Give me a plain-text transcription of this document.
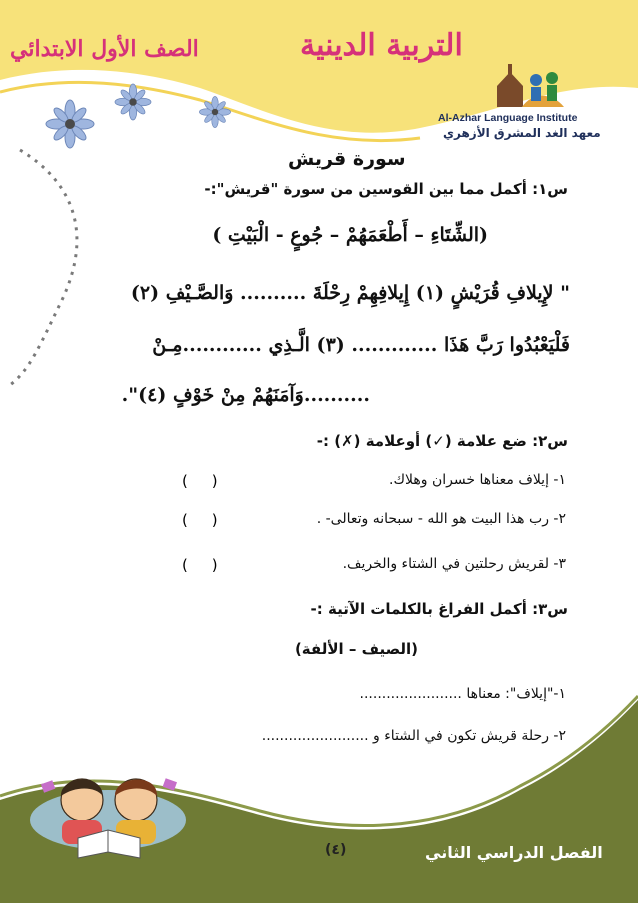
التربية الدينية
الصف الأول الابتدائي
Al-Azhar Language Institute
معهد الغد المشرق الأزهري
سورة قريش
س١: أكمل مما بين القوسين من سورة "قريش":-
(الشِّتَاءِ – أَطْعَمَهُمْ – جُوعٍ - الْبَيْتِ )
" لإِيلافِ قُرَيْشٍ (١) إِيلافِهِمْ رِحْلَةَ .......... وَالصَّـيْفِ (٢)
فَلْيَعْبُدُوا رَبَّ هَذَا ............. (٣) الَّـذِي ............مِـنْ
..........وَآمَنَهُمْ مِنْ خَوْفٍ (٤)".
س٢: ضع علامة (✓) أوعلامة (✗) :-
١- إيلاف معناها خسران وهلاك.
(     )
٢- رب هذا البيت هو الله - سبحانه وتعالى- .
(     )
٣- لقريش رحلتين في الشتاء والخريف.
(     )
س٣: أكمل الفراغ بالكلمات الآتية :-
(الصيف – الألفة)
١-"إيلاف": معناها .......................
٢- رحلة قريش تكون في الشتاء و ........................
الفصل الدراسي الثاني
(٤)
